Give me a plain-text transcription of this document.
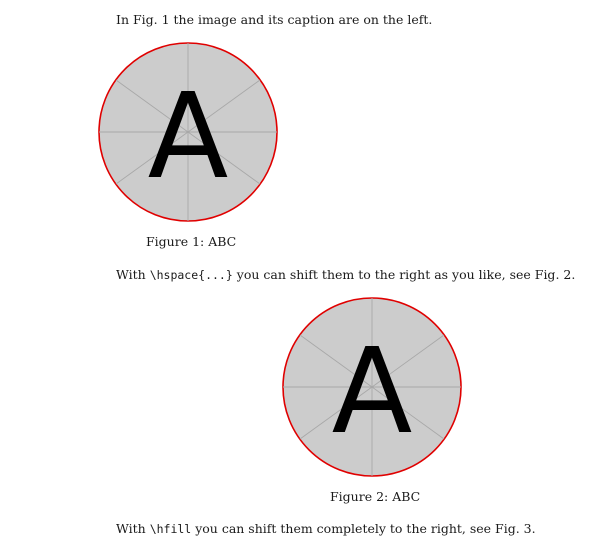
In Fig. 1 the image and its caption are on the left.
A
Figure 1: ABC
With \hspace{...} you can shift them to the right as you like, see Fig. 2.
A
Figure 2: ABC
With \hfill you can shift them completely to the right, see Fig. 3.
